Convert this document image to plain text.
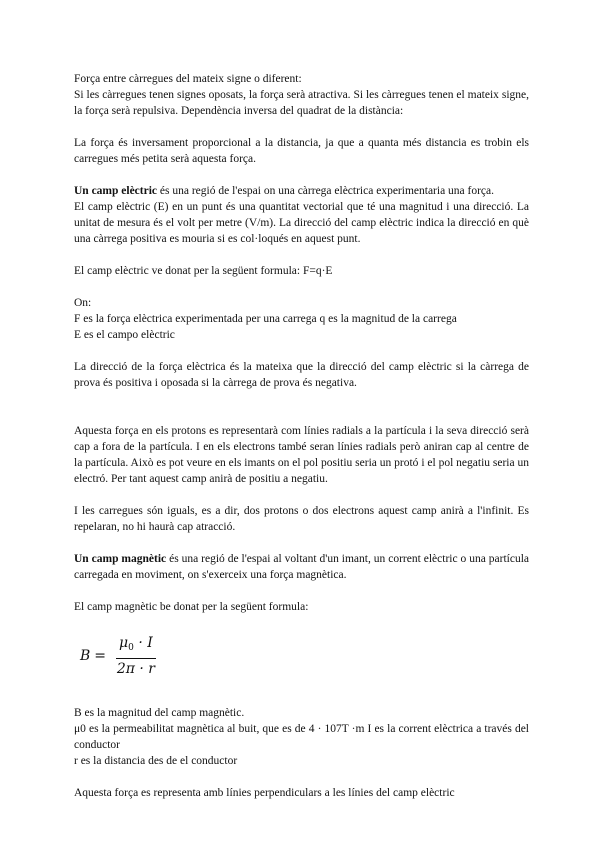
Força entre càrregues del mateix signe o diferent:

Si les càrregues tenen signes oposats, la força serà atractiva. Si les càrregues tenen el mateix signe, la força serà repulsiva. Dependència inversa del quadrat de la distància:

La força és inversament proporcional a la distancia, ja que a quanta més distancia es trobin els carregues més petita serà aquesta força.

Un camp elèctric és una regió de l'espai on una càrrega elèctrica experimentaria una força.

El camp elèctric (E) en un punt és una quantitat vectorial que té una magnitud i una direcció. La unitat de mesura és el volt per metre (V/m). La direcció del camp elèctric indica la direcció en què una càrrega positiva es mouria si es col·loqués en aquest punt.

El camp elèctric ve donat per la següent formula: F=q·E

On:

F es la força elèctrica experimentada per una carrega q es la magnitud de la carrega

E es el campo elèctric

La direcció de la força elèctrica és la mateixa que la direcció del camp elèctric si la càrrega de prova és positiva i oposada si la càrrega de prova és negativa.

Aquesta força en els protons es representarà com línies radials a la partícula i la seva direcció serà cap a fora de la partícula. I en els electrons també seran línies radials però aniran cap al centre de la partícula. Això es pot veure en els imants on el pol positiu seria un protó i el pol negatiu seria un electró. Per tant aquest camp anirà de positiu a negatiu.

I les carregues són iguals, es a dir, dos protons o dos electrons aquest camp anirà a l'infinit. Es repelaran, no hi haurà cap atracció.

Un camp magnètic és una regió de l'espai al voltant d'un imant, un corrent elèctric o una partícula carregada en moviment, on s'exerceix una força magnètica.

El camp magnètic be donat per la següent formula:

$B = \frac{\mu_0 \cdot I}{2\pi \cdot r}$

B es la magnitud del camp magnètic.

μ0 es la permeabilitat magnètica al buit, que es de 4 · 107T ·m I es la corrent elèctrica a través del conductor

r es la distancia des de el conductor

Aquesta força es representa amb línies perpendiculars a les línies del camp elèctric
